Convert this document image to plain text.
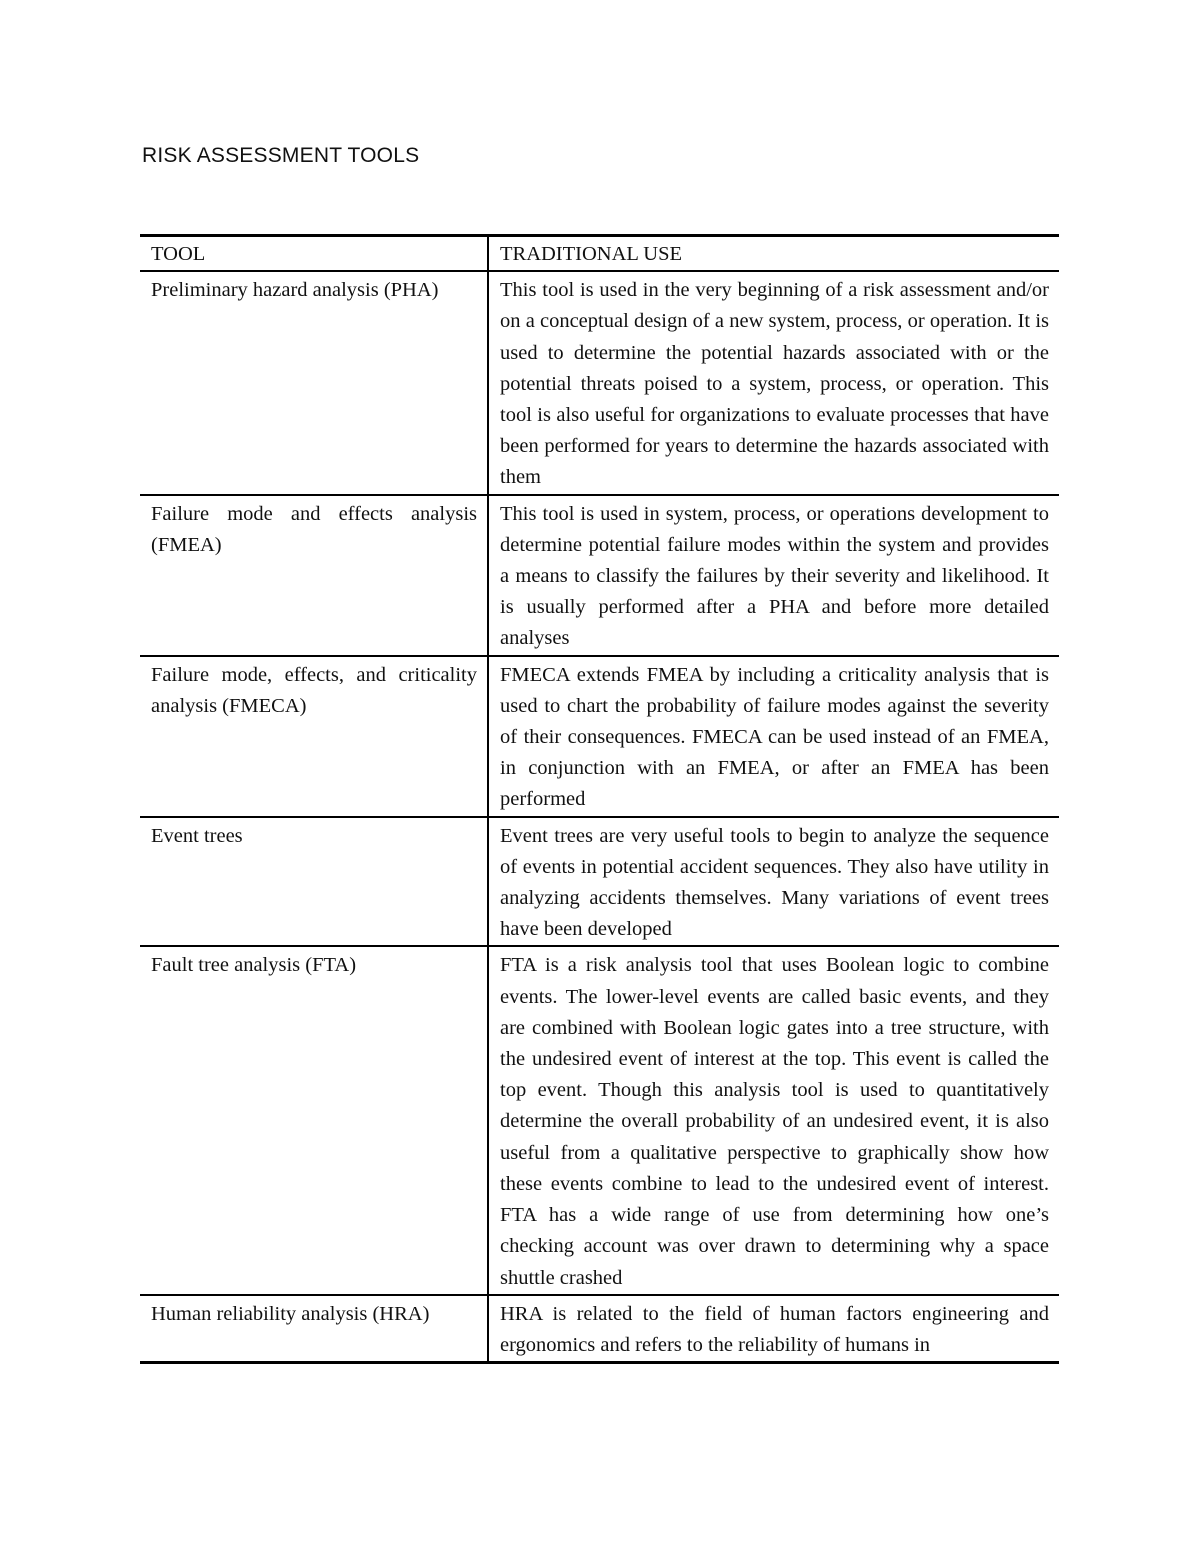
RISK ASSESSMENT TOOLS
TOOL	TRADITIONAL USE
Preliminary hazard analysis (PHA)	This tool is used in the very beginning of a risk assessment and/or on a conceptual design of a new system, process, or operation. It is used to determine the potential hazards associated with or the potential threats poised to a system, process, or operation. This tool is also useful for organizations to evaluate processes that have been performed for years to determine the hazards associated with them
Failure mode and effects analysis (FMEA)	This tool is used in system, process, or operations development to determine potential failure modes within the system and provides a means to classify the failures by their severity and likelihood. It is usually performed after a PHA and before more detailed analyses
Failure mode, effects, and criticality analysis (FMECA)	FMECA extends FMEA by including a criticality analysis that is used to chart the probability of failure modes against the severity of their consequences. FMECA can be used instead of an FMEA, in conjunction with an FMEA, or after an FMEA has been performed
Event trees	Event trees are very useful tools to begin to analyze the sequence of events in potential accident sequences. They also have utility in analyzing accidents themselves. Many variations of event trees have been developed
Fault tree analysis (FTA)	FTA is a risk analysis tool that uses Boolean logic to combine events. The lower-level events are called basic events, and they are combined with Boolean logic gates into a tree structure, with the undesired event of interest at the top. This event is called the top event. Though this analysis tool is used to quantitatively determine the overall probability of an undesired event, it is also useful from a qualitative perspective to graphically show how these events combine to lead to the undesired event of interest. FTA has a wide range of use from determining how one’s checking account was over drawn to determining why a space shuttle crashed
Human reliability analysis (HRA)	HRA is related to the field of human factors engineering and ergonomics and refers to the reliability of humans in
